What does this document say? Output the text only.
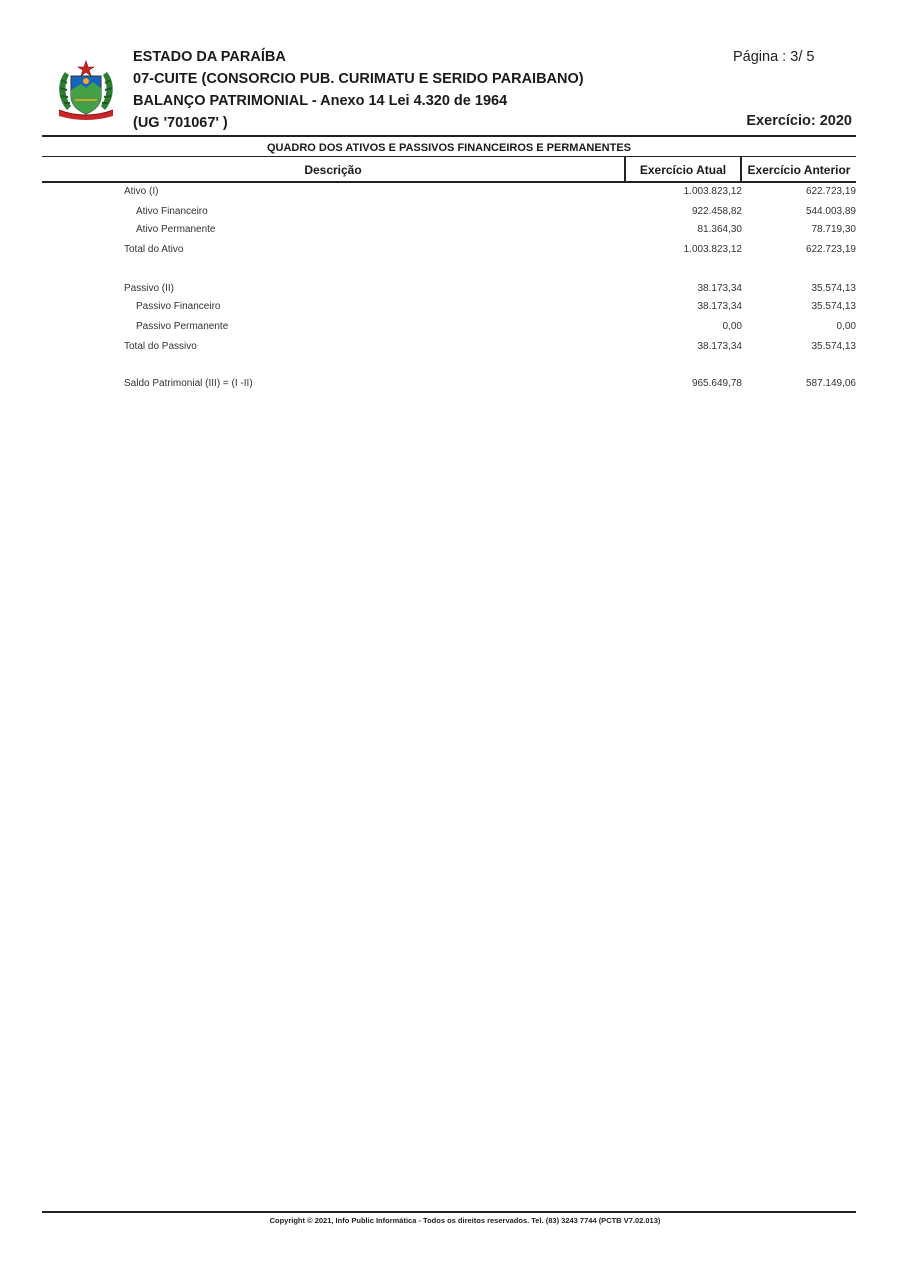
ESTADO DA PARAÍBA
07-CUITE (CONSORCIO PUB. CURIMATU E SERIDO PARAIBANO)
BALANÇO PATRIMONIAL - Anexo 14 Lei 4.320 de 1964
(UG '701067' )
Página : 3/ 5
Exercício: 2020
QUADRO DOS ATIVOS E PASSIVOS FINANCEIROS E PERMANENTES
Descrição	Exercício Atual	Exercício Anterior
Ativo (I)	1.003.823,12	622.723,19
Ativo Financeiro	922.458,82	544.003,89
Ativo Permanente	81.364,30	78.719,30
Total do Ativo	1.003.823,12	622.723,19
Passivo (II)	38.173,34	35.574,13
Passivo Financeiro	38.173,34	35.574,13
Passivo Permanente	0,00	0,00
Total do Passivo	38.173,34	35.574,13
Saldo Patrimonial (III) = (I -II)	965.649,78	587.149,06
Copyright © 2021, Info Public Informática - Todos os direitos reservados. Tel. (83) 3243 7744 (PCTB V7.02.013)
